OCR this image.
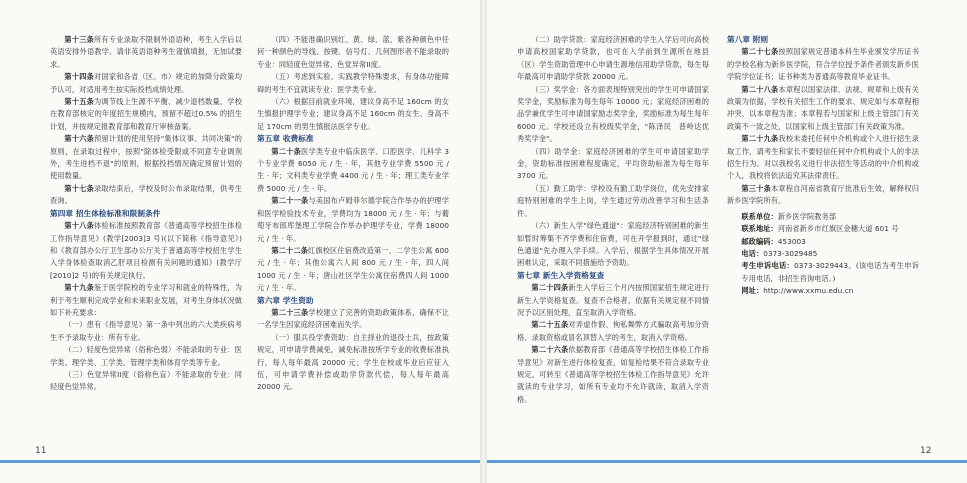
第十三条所有专业录取不限制外语语种，考生入学后以英语安排外语教学。请非英语语种考生谨慎填报，无加试要求。

第十四条对国家和各省（区、市）规定的加降分政策均予认可，对适用考生按实际投档成绩处理。

第十五条为调节线上生源不平衡、减少退档数量，学校在教育部核定的年度招生规模内，预留不超过0.5% 的招生计划，并按规定报教育部和教育厅审核备案。

第十六条预留计划的使用坚持"集体议事、共同决策"的原则，在录取过程中，按照"除体检受限或不同意专业调剂外，考生进档不退"的原则，根据投档情况确定预留计划的使用数量。

第十七条录取结束后，学校及时公布录取结果，供考生查询。

第四章 招生体检标准和限制条件

第十八条体检标准按照教育部《普通高等学校招生体检工作指导意见》(教学[2003]3 号)(以下简称《指导意见》)和《教育部办公厅卫生部办公厅关于普通高等学校招生学生入学身体检查取消乙肝项目检测有关问题的通知》(教学厅[2010]2 号)的有关规定执行。

第十九条鉴于医学院校的专业学习和就业的特殊性，为利于考生顺利完成学业和未来职业发展，对考生身体状况做如下补充要求：

（一）患有《指导意见》第一条中列出的六大类疾病考生不予录取专业：所有专业。

（二）轻度色觉异常（俗称色弱）不能录取的专业：医学类、理学类、工学类、管理学类和体育学类等专业。

（三）色觉异常II度（俗称色盲）不能录取的专业：同轻度色觉异常。

（四）不能准确识别红、黄、绿、蓝、紫各种颜色中任何一种颜色的导线、按键、信号灯、几何图形者不能录取的专业：同轻度色觉异常、色觉异常II度。

（五）考虑到实验、实践教学特殊要求，有身体功能障碍的考生不宜就读专业：医学类专业。

（六）根据目前就业环境，建议身高不足 160cm 的女生慎报护理学专业；建议身高不足 160cm 的女生、身高不足 170cm 的男生慎报法医学专业。

第五章 收费标准

第二十条医学类专业中临床医学、口腔医学、儿科学 3 个专业学费 6050 元 / 生 · 年，其他专业学费 5500 元 / 生 · 年；文科类专业学费 4400 元 / 生 · 年；理工类专业学费 5000 元 / 生 · 年。

第二十一条与美国布卢姆菲尔德学院合作举办的护理学和医学检验技术专业，学费均为 18000 元 / 生 · 年；与葡萄牙布郎库堡理工学院合作举办护理学专业，学费 18000 元 / 生 · 年。

第二十二条红旗校区住宿费改造第一、二学生公寓 600 元 / 生 · 年；其他公寓六人间 800 元 / 生 · 年，四人间 1000 元 / 生 · 年；唐山社区学生公寓住宿费四人间 1000 元 / 生 · 年。

第六章 学生资助

第二十三条学校建立了完善的资助政策体系，确保不让一名学生因家庭经济困难而失学。

（一）服兵役学费资助：自主择业的退役士兵，按政策规定，可申请学费减免，减免标准按所学专业的收费标准执行，每人每年最高 20000 元；学生在校或毕业后应征入伍，可申请学费补偿或助学贷款代偿，每人每年最高 20000 元。

11

（二）助学贷款：家庭经济困难的学生入学后可向高校申请高校国家助学贷款，也可在入学前到生源所在地县（区）学生资助管理中心申请生源地信用助学贷款，每生每年最高可申请助学贷款 20000 元。

（三）奖学金：各方面表现特别突出的学生可申请国家奖学金，奖励标准为每生每年 10000 元；家庭经济困难的品学兼优学生可申请国家励志奖学金，奖励标准为每生每年 6000 元。学校还设立有校级奖学金，"陈泽民　普岭达优秀奖学金"。

（四）助学金：家庭经济困难的学生可申请国家助学金，资助标准按困难程度确定，平均资助标准为每生每年 3700 元。

（五）勤工助学：学校设有勤工助学岗位，优先安排家庭特别困难的学生上岗，学生通过劳动改善学习和生活条件。

（六）新生入学"绿色通道"：家庭经济特别困难的新生如暂时筹集不齐学费和住宿费，可在开学报到时，通过"绿色通道"先办理入学手续。入学后，根据学生具体情况开展困难认定，采取不同措施给予资助。

第七章 新生入学资格复查

第二十四条新生入学后三个月内按照国家招生规定进行新生入学资格复查。复查不合格者，依据有关规定视不同情况予以区别处理，直至取消入学资格。

第二十五条对弄虚作假、徇私舞弊方式骗取高考加分资格、录取资格或冒名顶替入学的考生，取消入学资格。

第二十六条依据教育部《普通高等学校招生体检工作指导意见》对新生进行体检复查，如复检结果不符合录取专业规定，可转至《普通高等学校招生体检工作指导意见》允许就读的专业学习，如所有专业均不允许就读，取消入学资格。

第八章 附则

第二十七条按照国家规定普通本科生毕业颁发学历证书的学校名称为新乡医学院，符合学位授予条件者颁发新乡医学院学位证书；证书种类为普通高等教育毕业证书。

第二十八条本章程以国家法律、法规、规章和上级有关政策为依据，学校有关招生工作的要求、规定如与本章程相冲突，以本章程为准；本章程若与国家和上级主管部门有关政策不一致之处，以国家和上级主管部门有关政策为准。

第二十九条我校未委托任何中介机构或个人进行招生录取工作，请考生和家长不要轻信任何中介机构或个人的非法招生行为。对以我校名义进行非法招生等活动的中介机构或个人，我校将依法追究其法律责任。

第三十条本章程自河南省教育厅批准后生效，解释权归新乡医学院所有。

联系单位：新乡医学院教务部

联系地址：河南省新乡市红旗区金穗大道 601 号

邮政编码：453003

电话：0373-3029485

考生申诉电话：0373-3029443。(该电话为考生申诉专用电话，非招生咨询电话。)

网址：http://www.xxmu.edu.cn

12
